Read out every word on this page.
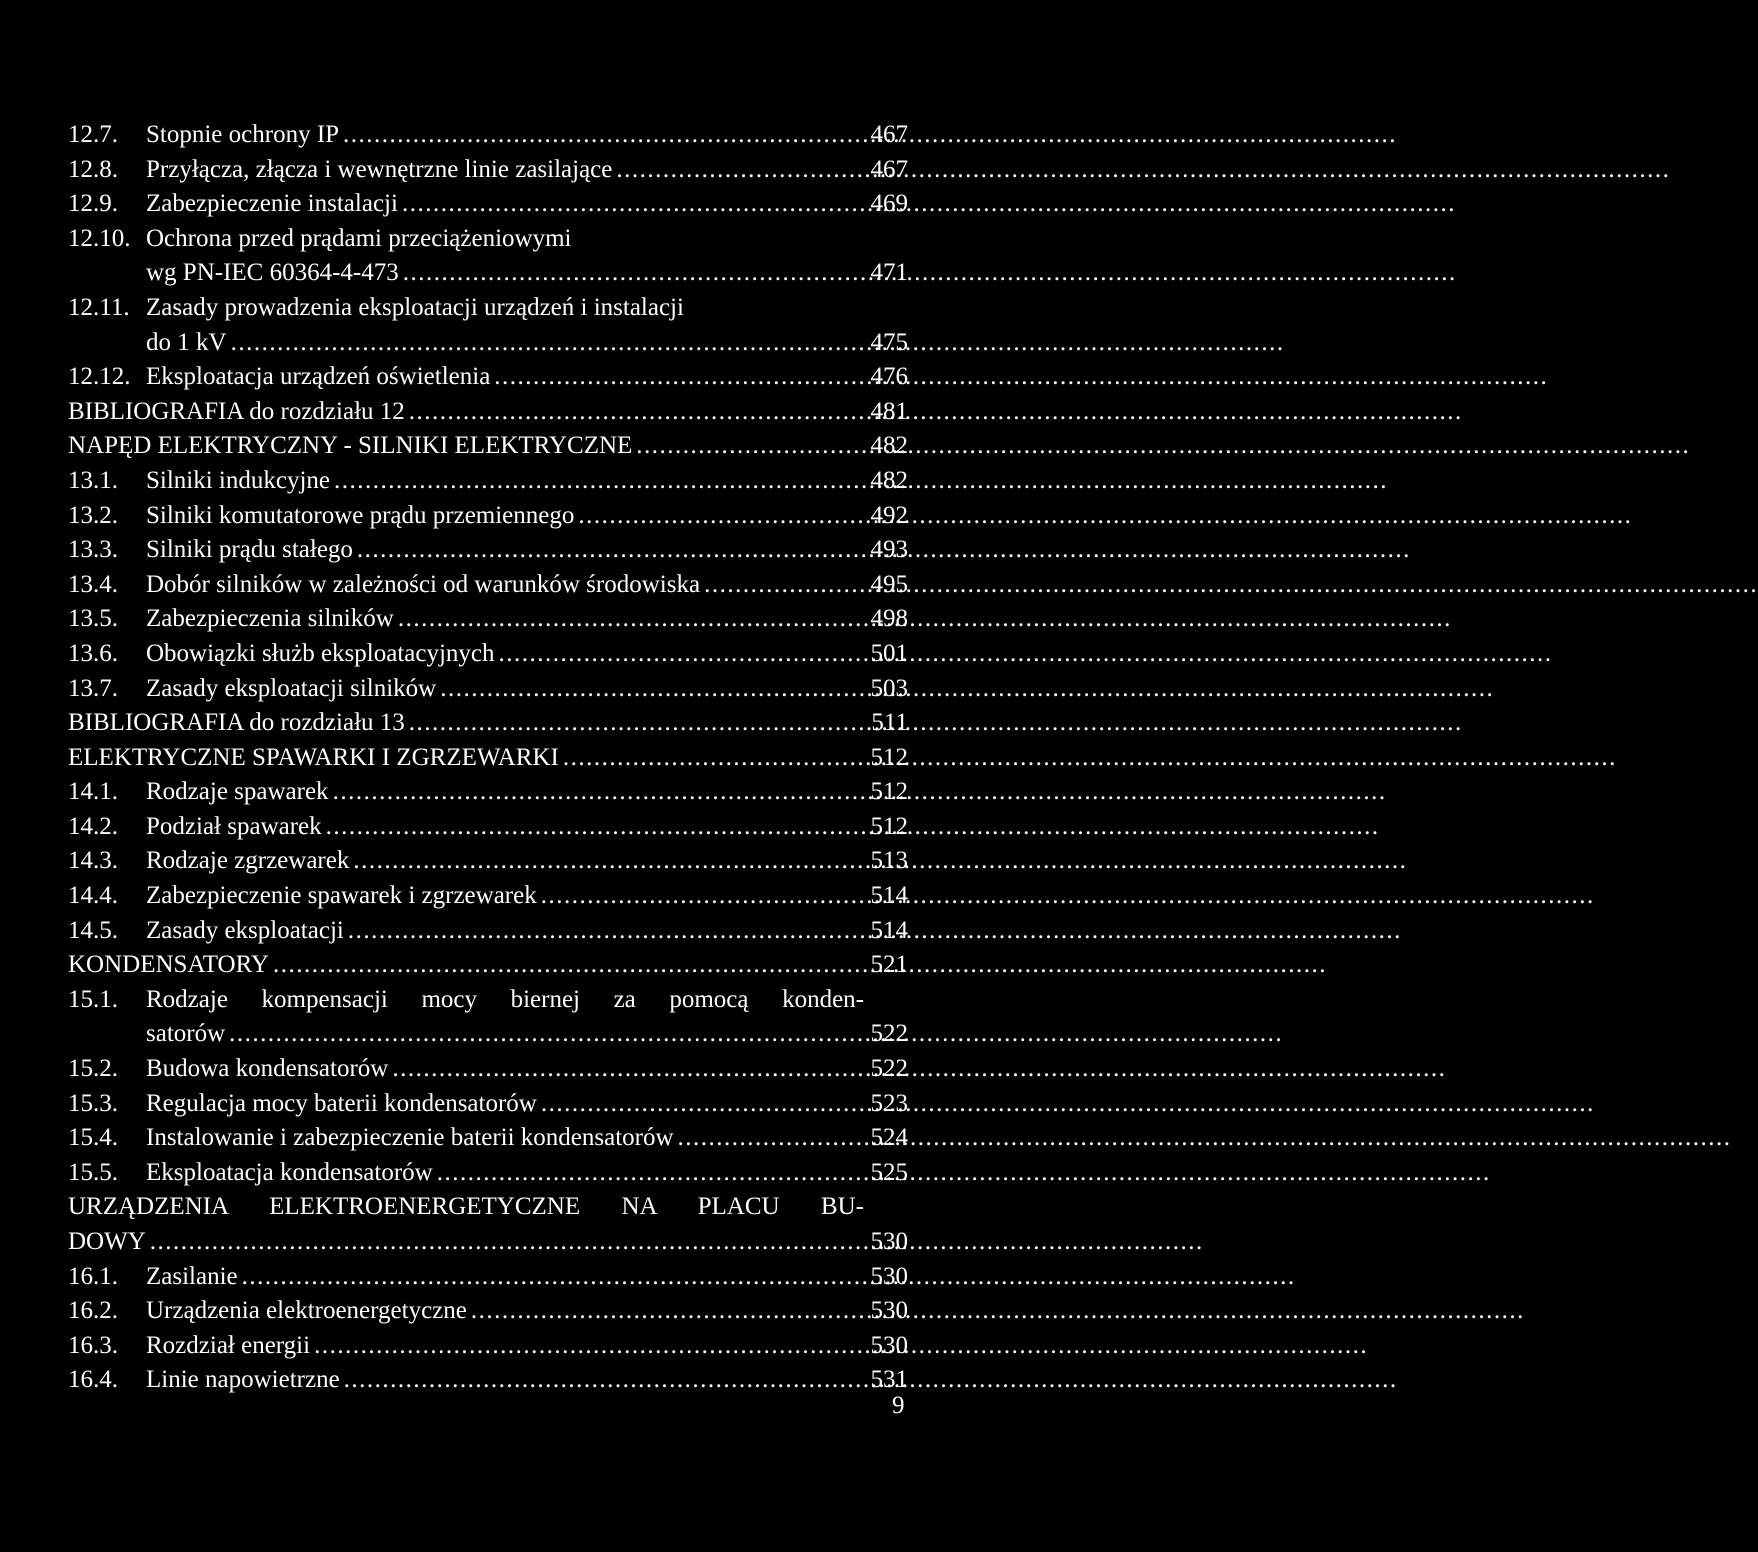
12.7.	Stopnie ochrony IP .....	467
12.8.	Przyłącza, złącza i wewnętrzne linie zasilające .....	467
12.9.	Zabezpieczenie instalacji .....	469
12.10. Ochrona przed prądami przeciążeniowymi
wg PN-IEC 60364-4-473 .....	471
12.11. Zasady prowadzenia eksploatacji urządzeń i instalacji
do 1 kV .....	475
12.12. Eksploatacja urządzeń oświetlenia .....	476
BIBLIOGRAFIA do rozdziału 12 .....	481
NAPĘD ELEKTRYCZNY - SILNIKI ELEKTRYCZNE .....	482
13.1.	Silniki indukcyjne .....	482
13.2.	Silniki komutatorowe prądu przemiennego .....	492
13.3.	Silniki prądu stałego .....	493
13.4.	Dobór silników w zależności od warunków środowiska .....	495
13.5.	Zabezpieczenia silników .....	498
13.6.	Obowiązki służb eksploatacyjnych .....	501
13.7.	Zasady eksploatacji silników .....	503
BIBLIOGRAFIA do rozdziału 13 .....	511
ELEKTRYCZNE SPAWARKI I ZGRZEWARKI .....	512
14.1.	Rodzaje spawarek .....	512
14.2.	Podział spawarek .....	512
14.3.	Rodzaje zgrzewarek .....	513
14.4.	Zabezpieczenie spawarek i zgrzewarek .....	514
14.5.	Zasady eksploatacji .....	514
KONDENSATORY .....	521
15.1.	Rodzaje kompensacji mocy biernej za pomocą konden-
satorów .....	522
15.2.	Budowa kondensatorów .....	522
15.3.	Regulacja mocy baterii kondensatorów .....	523
15.4.	Instalowanie i zabezpieczenie baterii kondensatorów .....	524
15.5.	Eksploatacja kondensatorów .....	525
URZĄDZENIA ELEKTROENERGETYCZNE NA PLACU BU-
DOWY .....	530
16.1.	Zasilanie .....	530
16.2.	Urządzenia elektroenergetyczne .....	530
16.3.	Rozdział energii .....	530
16.4.	Linie napowietrzne .....	531
9
